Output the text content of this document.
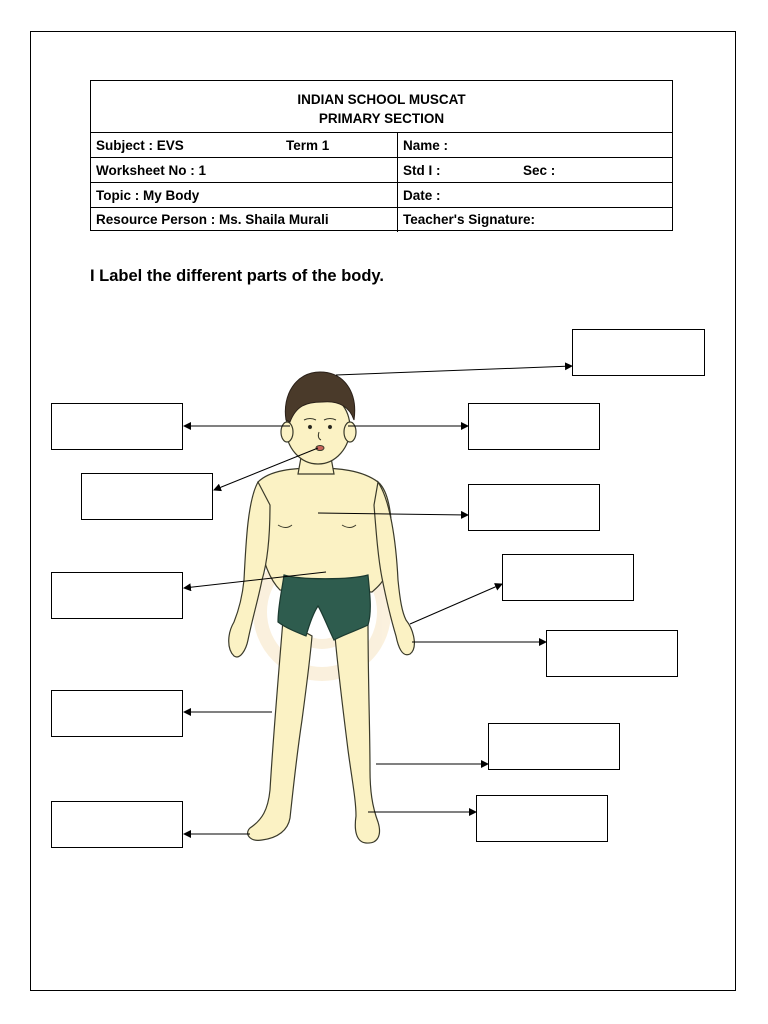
INDIAN SCHOOL MUSCAT
PRIMARY SECTION
Subject : EVS	Term 1	Name :
Worksheet No : 1	Std I :	Sec :
Topic : My Body	Date :
Resource Person : Ms. Shaila Murali	Teacher's Signature:
I Label the different parts of the body.
